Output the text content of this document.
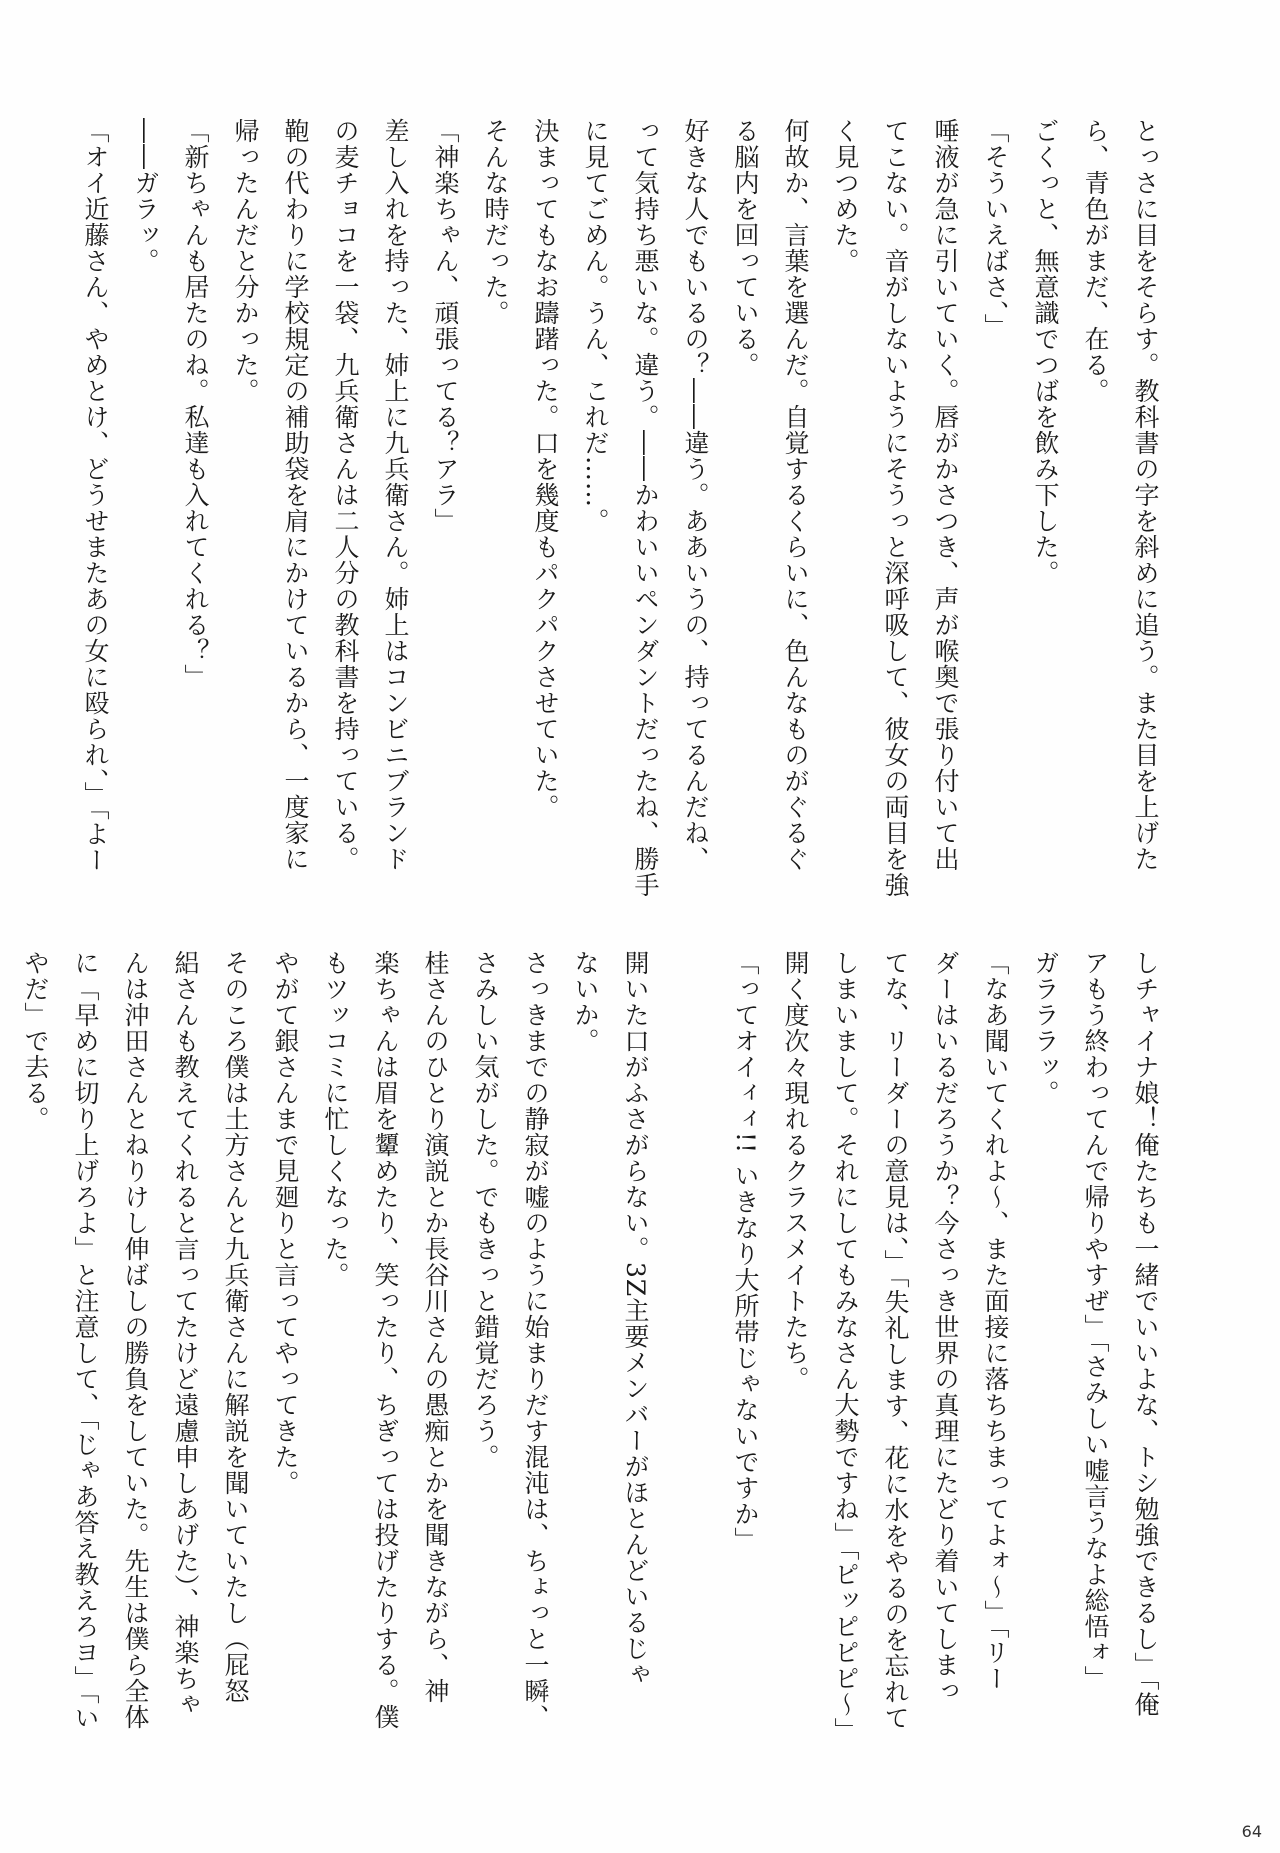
とっさに目をそらす。教科書の字を斜めに追う。また目を上げた
ら、青色がまだ、在る。
ごくっと、無意識でつばを飲み下した。
「そういえばさ、」
唾液が急に引いていく。唇がかさつき、声が喉奥で張り付いて出
てこない。音がしないようにそうっと深呼吸して、彼女の両目を強
く見つめた。
何故か、言葉を選んだ。自覚するくらいに、色んなものがぐるぐ
る脳内を回っている。
好きな人でもいるの？――違う。ああいうの、持ってるんだね、
って気持ち悪いな。違う。――かわいいペンダントだったね、勝手
に見てごめん。うん、これだ……。
決まってもなお躊躇った。口を幾度もパクパクさせていた。
そんな時だった。
「神楽ちゃん、頑張ってる？アラ」
差し入れを持った、姉上に九兵衛さん。姉上はコンビニブランド
の麦チョコを一袋、九兵衛さんは二人分の教科書を持っている。
鞄の代わりに学校規定の補助袋を肩にかけているから、一度家に
帰ったんだと分かった。
「新ちゃんも居たのね。私達も入れてくれる？」
――ガラッ。
「オイ近藤さん、やめとけ、どうせまたあの女に殴られ、」「よー
しチャイナ娘！俺たちも一緒でいいよな、トシ勉強できるし」「俺
アもう終わってんで帰りやすぜ」「さみしい嘘言うなよ総悟ォ」
ガラララッ。
「なあ聞いてくれよ～、また面接に落ちちまってよォ～」「リー
ダーはいるだろうか？今さっき世界の真理にたどり着いてしまっ
てな、リーダーの意見は、」「失礼します、花に水をやるのを忘れて
しまいまして。それにしてもみなさん大勢ですね」「ピッピピピ～」
開く度次々現れるクラスメイトたち。
「ってオイィィ!! いきなり大所帯じゃないですか」
開いた口がふさがらない。3Z主要メンバーがほとんどいるじゃ
ないか。
さっきまでの静寂が嘘のように始まりだす混沌は、ちょっと一瞬、
さみしい気がした。でもきっと錯覚だろう。
桂さんのひとり演説とか長谷川さんの愚痴とかを聞きながら、神
楽ちゃんは眉を顰めたり、笑ったり、ちぎっては投げたりする。僕
もツッコミに忙しくなった。
やがて銀さんまで見廻りと言ってやってきた。
そのころ僕は土方さんと九兵衛さんに解説を聞いていたし（屁怒
絽さんも教えてくれると言ってたけど遠慮申しあげた）、神楽ちゃ
んは沖田さんとねりけし伸ばしの勝負をしていた。先生は僕ら全体
に「早めに切り上げろよ」と注意して、「じゃあ答え教えろヨ」「い
やだ」で去る。
64
